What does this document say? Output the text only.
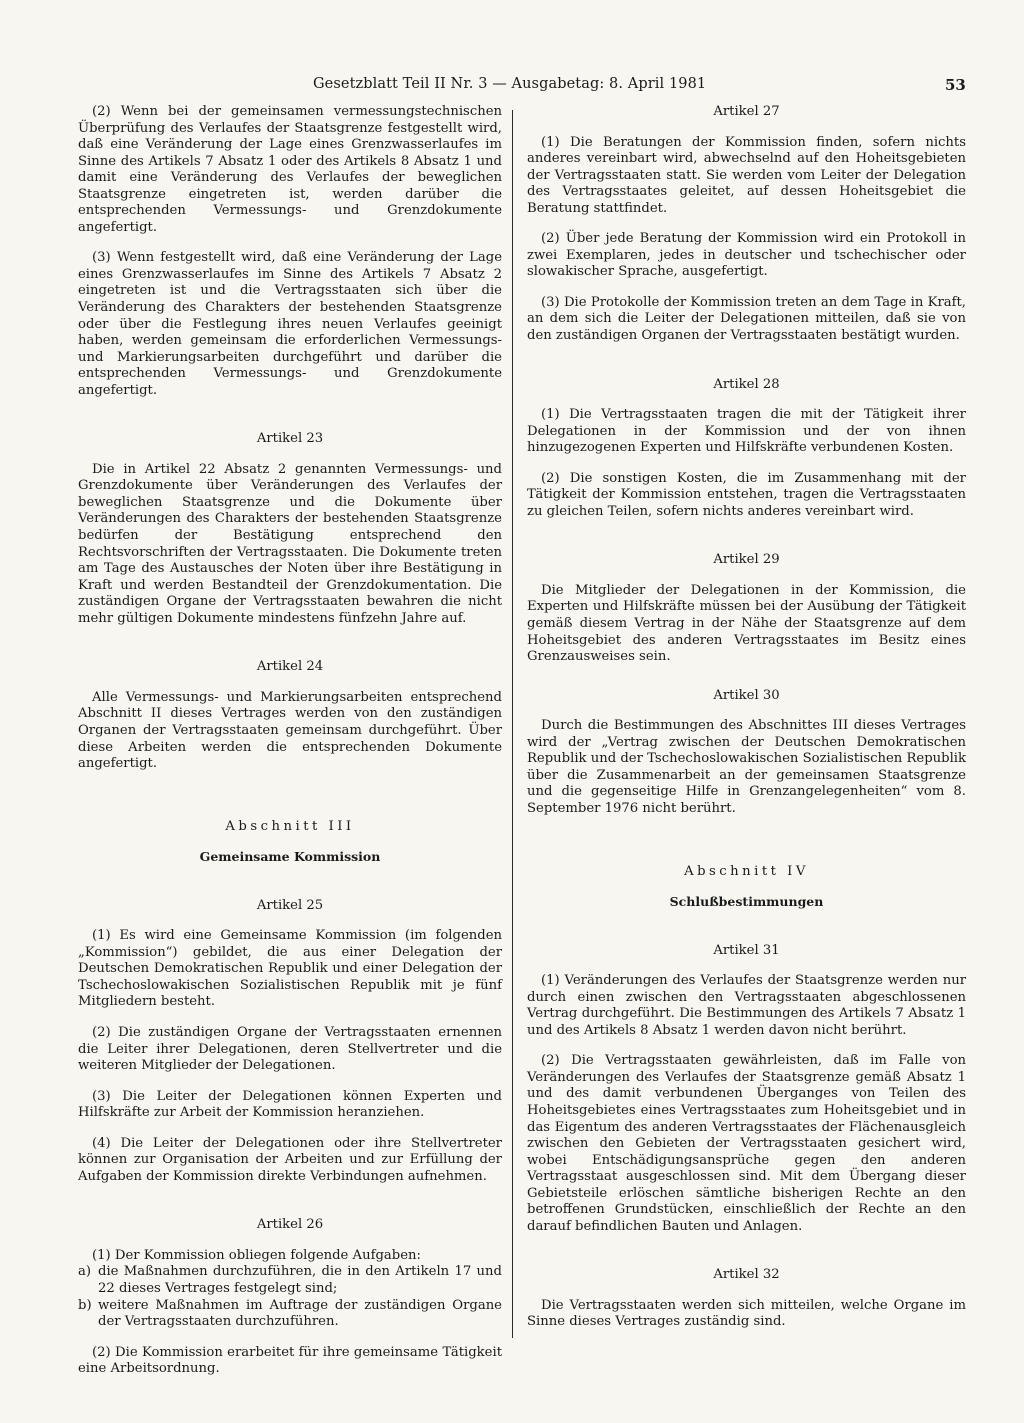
Gesetzblatt Teil II Nr. 3 — Ausgabetag: 8. April 1981	53

(2) Wenn bei der gemeinsamen vermessungstechnischen Überprüfung des Verlaufes der Staatsgrenze festgestellt wird, daß eine Veränderung der Lage eines Grenzwasserlaufes im Sinne des Artikels 7 Absatz 1 oder des Artikels 8 Absatz 1 und damit eine Veränderung des Verlaufes der beweglichen Staatsgrenze eingetreten ist, werden darüber die entsprechenden Vermessungs- und Grenzdokumente angefertigt.

(3) Wenn festgestellt wird, daß eine Veränderung der Lage eines Grenzwasserlaufes im Sinne des Artikels 7 Absatz 2 eingetreten ist und die Vertragsstaaten sich über die Veränderung des Charakters der bestehenden Staatsgrenze oder über die Festlegung ihres neuen Verlaufes geeinigt haben, werden gemeinsam die erforderlichen Vermessungs- und Markierungsarbeiten durchgeführt und darüber die entsprechenden Vermessungs- und Grenzdokumente angefertigt.

Artikel 23

Die in Artikel 22 Absatz 2 genannten Vermessungs- und Grenzdokumente über Veränderungen des Verlaufes der beweglichen Staatsgrenze und die Dokumente über Veränderungen des Charakters der bestehenden Staatsgrenze bedürfen der Bestätigung entsprechend den Rechtsvorschriften der Vertragsstaaten. Die Dokumente treten am Tage des Austausches der Noten über ihre Bestätigung in Kraft und werden Bestandteil der Grenzdokumentation. Die zuständigen Organe der Vertragsstaaten bewahren die nicht mehr gültigen Dokumente mindestens fünfzehn Jahre auf.

Artikel 24

Alle Vermessungs- und Markierungsarbeiten entsprechend Abschnitt II dieses Vertrages werden von den zuständigen Organen der Vertragsstaaten gemeinsam durchgeführt. Über diese Arbeiten werden die entsprechenden Dokumente angefertigt.

Abschnitt III

Gemeinsame Kommission

Artikel 25

(1) Es wird eine Gemeinsame Kommission (im folgenden „Kommission“) gebildet, die aus einer Delegation der Deutschen Demokratischen Republik und einer Delegation der Tschechoslowakischen Sozialistischen Republik mit je fünf Mitgliedern besteht.

(2) Die zuständigen Organe der Vertragsstaaten ernennen die Leiter ihrer Delegationen, deren Stellvertreter und die weiteren Mitglieder der Delegationen.

(3) Die Leiter der Delegationen können Experten und Hilfskräfte zur Arbeit der Kommission heranziehen.

(4) Die Leiter der Delegationen oder ihre Stellvertreter können zur Organisation der Arbeiten und zur Erfüllung der Aufgaben der Kommission direkte Verbindungen aufnehmen.

Artikel 26

(1) Der Kommission obliegen folgende Aufgaben:

a) die Maßnahmen durchzuführen, die in den Artikeln 17 und 22 dieses Vertrages festgelegt sind;
b) weitere Maßnahmen im Auftrage der zuständigen Organe der Vertragsstaaten durchzuführen.

(2) Die Kommission erarbeitet für ihre gemeinsame Tätigkeit eine Arbeitsordnung.

Artikel 27

(1) Die Beratungen der Kommission finden, sofern nichts anderes vereinbart wird, abwechselnd auf den Hoheitsgebieten der Vertragsstaaten statt. Sie werden vom Leiter der Delegation des Vertragsstaates geleitet, auf dessen Hoheitsgebiet die Beratung stattfindet.

(2) Über jede Beratung der Kommission wird ein Protokoll in zwei Exemplaren, jedes in deutscher und tschechischer oder slowakischer Sprache, ausgefertigt.

(3) Die Protokolle der Kommission treten an dem Tage in Kraft, an dem sich die Leiter der Delegationen mitteilen, daß sie von den zuständigen Organen der Vertragsstaaten bestätigt wurden.

Artikel 28

(1) Die Vertragsstaaten tragen die mit der Tätigkeit ihrer Delegationen in der Kommission und der von ihnen hinzugezogenen Experten und Hilfskräfte verbundenen Kosten.

(2) Die sonstigen Kosten, die im Zusammenhang mit der Tätigkeit der Kommission entstehen, tragen die Vertragsstaaten zu gleichen Teilen, sofern nichts anderes vereinbart wird.

Artikel 29

Die Mitglieder der Delegationen in der Kommission, die Experten und Hilfskräfte müssen bei der Ausübung der Tätigkeit gemäß diesem Vertrag in der Nähe der Staatsgrenze auf dem Hoheitsgebiet des anderen Vertragsstaates im Besitz eines Grenzausweises sein.

Artikel 30

Durch die Bestimmungen des Abschnittes III dieses Vertrages wird der „Vertrag zwischen der Deutschen Demokratischen Republik und der Tschechoslowakischen Sozialistischen Republik über die Zusammenarbeit an der gemeinsamen Staatsgrenze und die gegenseitige Hilfe in Grenzangelegenheiten“ vom 8. September 1976 nicht berührt.

Abschnitt IV

Schlußbestimmungen

Artikel 31

(1) Veränderungen des Verlaufes der Staatsgrenze werden nur durch einen zwischen den Vertragsstaaten abgeschlossenen Vertrag durchgeführt. Die Bestimmungen des Artikels 7 Absatz 1 und des Artikels 8 Absatz 1 werden davon nicht berührt.

(2) Die Vertragsstaaten gewährleisten, daß im Falle von Veränderungen des Verlaufes der Staatsgrenze gemäß Absatz 1 und des damit verbundenen Überganges von Teilen des Hoheitsgebietes eines Vertragsstaates zum Hoheitsgebiet und in das Eigentum des anderen Vertragsstaates der Flächenausgleich zwischen den Gebieten der Vertragsstaaten gesichert wird, wobei Entschädigungsansprüche gegen den anderen Vertragsstaat ausgeschlossen sind. Mit dem Übergang dieser Gebietsteile erlöschen sämtliche bisherigen Rechte an den betroffenen Grundstücken, einschließlich der Rechte an den darauf befindlichen Bauten und Anlagen.

Artikel 32

Die Vertragsstaaten werden sich mitteilen, welche Organe im Sinne dieses Vertrages zuständig sind.
